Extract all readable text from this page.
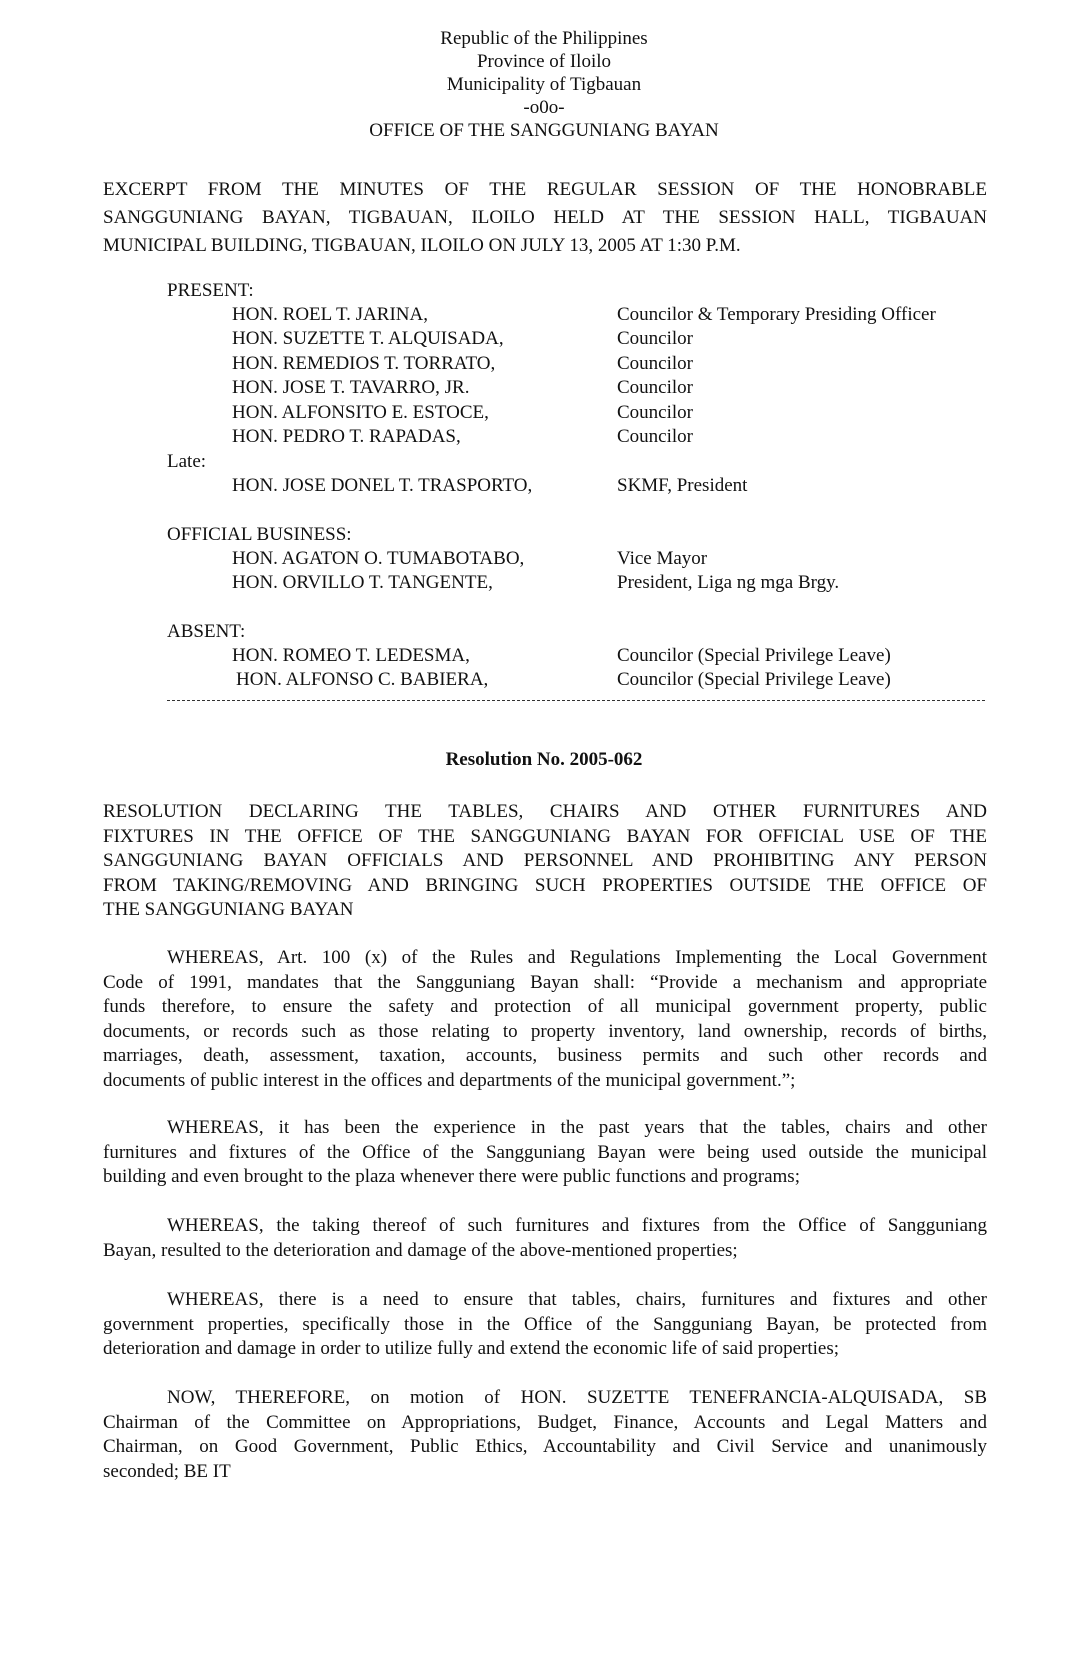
Republic of the Philippines
Province of Iloilo
Municipality of Tigbauan
-o0o-
OFFICE OF THE SANGGUNIANG BAYAN
EXCERPT FROM THE MINUTES OF THE REGULAR SESSION OF THE HONOBRABLE
SANGGUNIANG BAYAN, TIGBAUAN, ILOILO HELD AT THE SESSION HALL, TIGBAUAN
MUNICIPAL BUILDING, TIGBAUAN, ILOILO ON JULY 13, 2005 AT 1:30 P.M.
PRESENT:
HON. ROEL T. JARINA,	Councilor & Temporary Presiding Officer
HON. SUZETTE T. ALQUISADA,	Councilor
HON. REMEDIOS T. TORRATO,	Councilor
HON. JOSE T. TAVARRO, JR.	Councilor
HON. ALFONSITO E. ESTOCE,	Councilor
HON. PEDRO T. RAPADAS,	Councilor
Late:
HON. JOSE DONEL T. TRASPORTO,	SKMF, President
OFFICIAL BUSINESS:
HON. AGATON O. TUMABOTABO,	Vice Mayor
HON. ORVILLO T. TANGENTE,	President, Liga ng mga Brgy.
ABSENT:
HON. ROMEO T. LEDESMA,	Councilor (Special Privilege Leave)
HON. ALFONSO C. BABIERA,	Councilor (Special Privilege Leave)
Resolution No. 2005-062
RESOLUTION DECLARING THE TABLES, CHAIRS AND OTHER FURNITURES AND
FIXTURES IN THE OFFICE OF THE SANGGUNIANG BAYAN FOR OFFICIAL USE OF THE
SANGGUNIANG BAYAN OFFICIALS AND PERSONNEL AND PROHIBITING ANY PERSON
FROM TAKING/REMOVING AND BRINGING SUCH PROPERTIES OUTSIDE THE OFFICE OF
THE SANGGUNIANG BAYAN
WHEREAS, Art. 100 (x) of the Rules and Regulations Implementing the Local Government
Code of 1991, mandates that the Sangguniang Bayan shall: “Provide a mechanism and appropriate
funds therefore, to ensure the safety and protection of all municipal government property, public
documents, or records such as those relating to property inventory, land ownership, records of births,
marriages, death, assessment, taxation, accounts, business permits and such other records and
documents of public interest in the offices and departments of the municipal government.”;
WHEREAS, it has been the experience in the past years that the tables, chairs and other
furnitures and fixtures of the Office of the Sangguniang Bayan were being used outside the municipal
building and even brought to the plaza whenever there were public functions and programs;
WHEREAS, the taking thereof of such furnitures and fixtures from the Office of Sangguniang
Bayan, resulted to the deterioration and damage of the above-mentioned properties;
WHEREAS, there is a need to ensure that tables, chairs, furnitures and fixtures and other
government properties, specifically those in the Office of the Sangguniang Bayan, be protected from
deterioration and damage in order to utilize fully and extend the economic life of said properties;
NOW, THEREFORE, on motion of HON. SUZETTE TENEFRANCIA-ALQUISADA, SB
Chairman of the Committee on Appropriations, Budget, Finance, Accounts and Legal Matters and
Chairman, on Good Government, Public Ethics, Accountability and Civil Service and unanimously
seconded; BE IT
